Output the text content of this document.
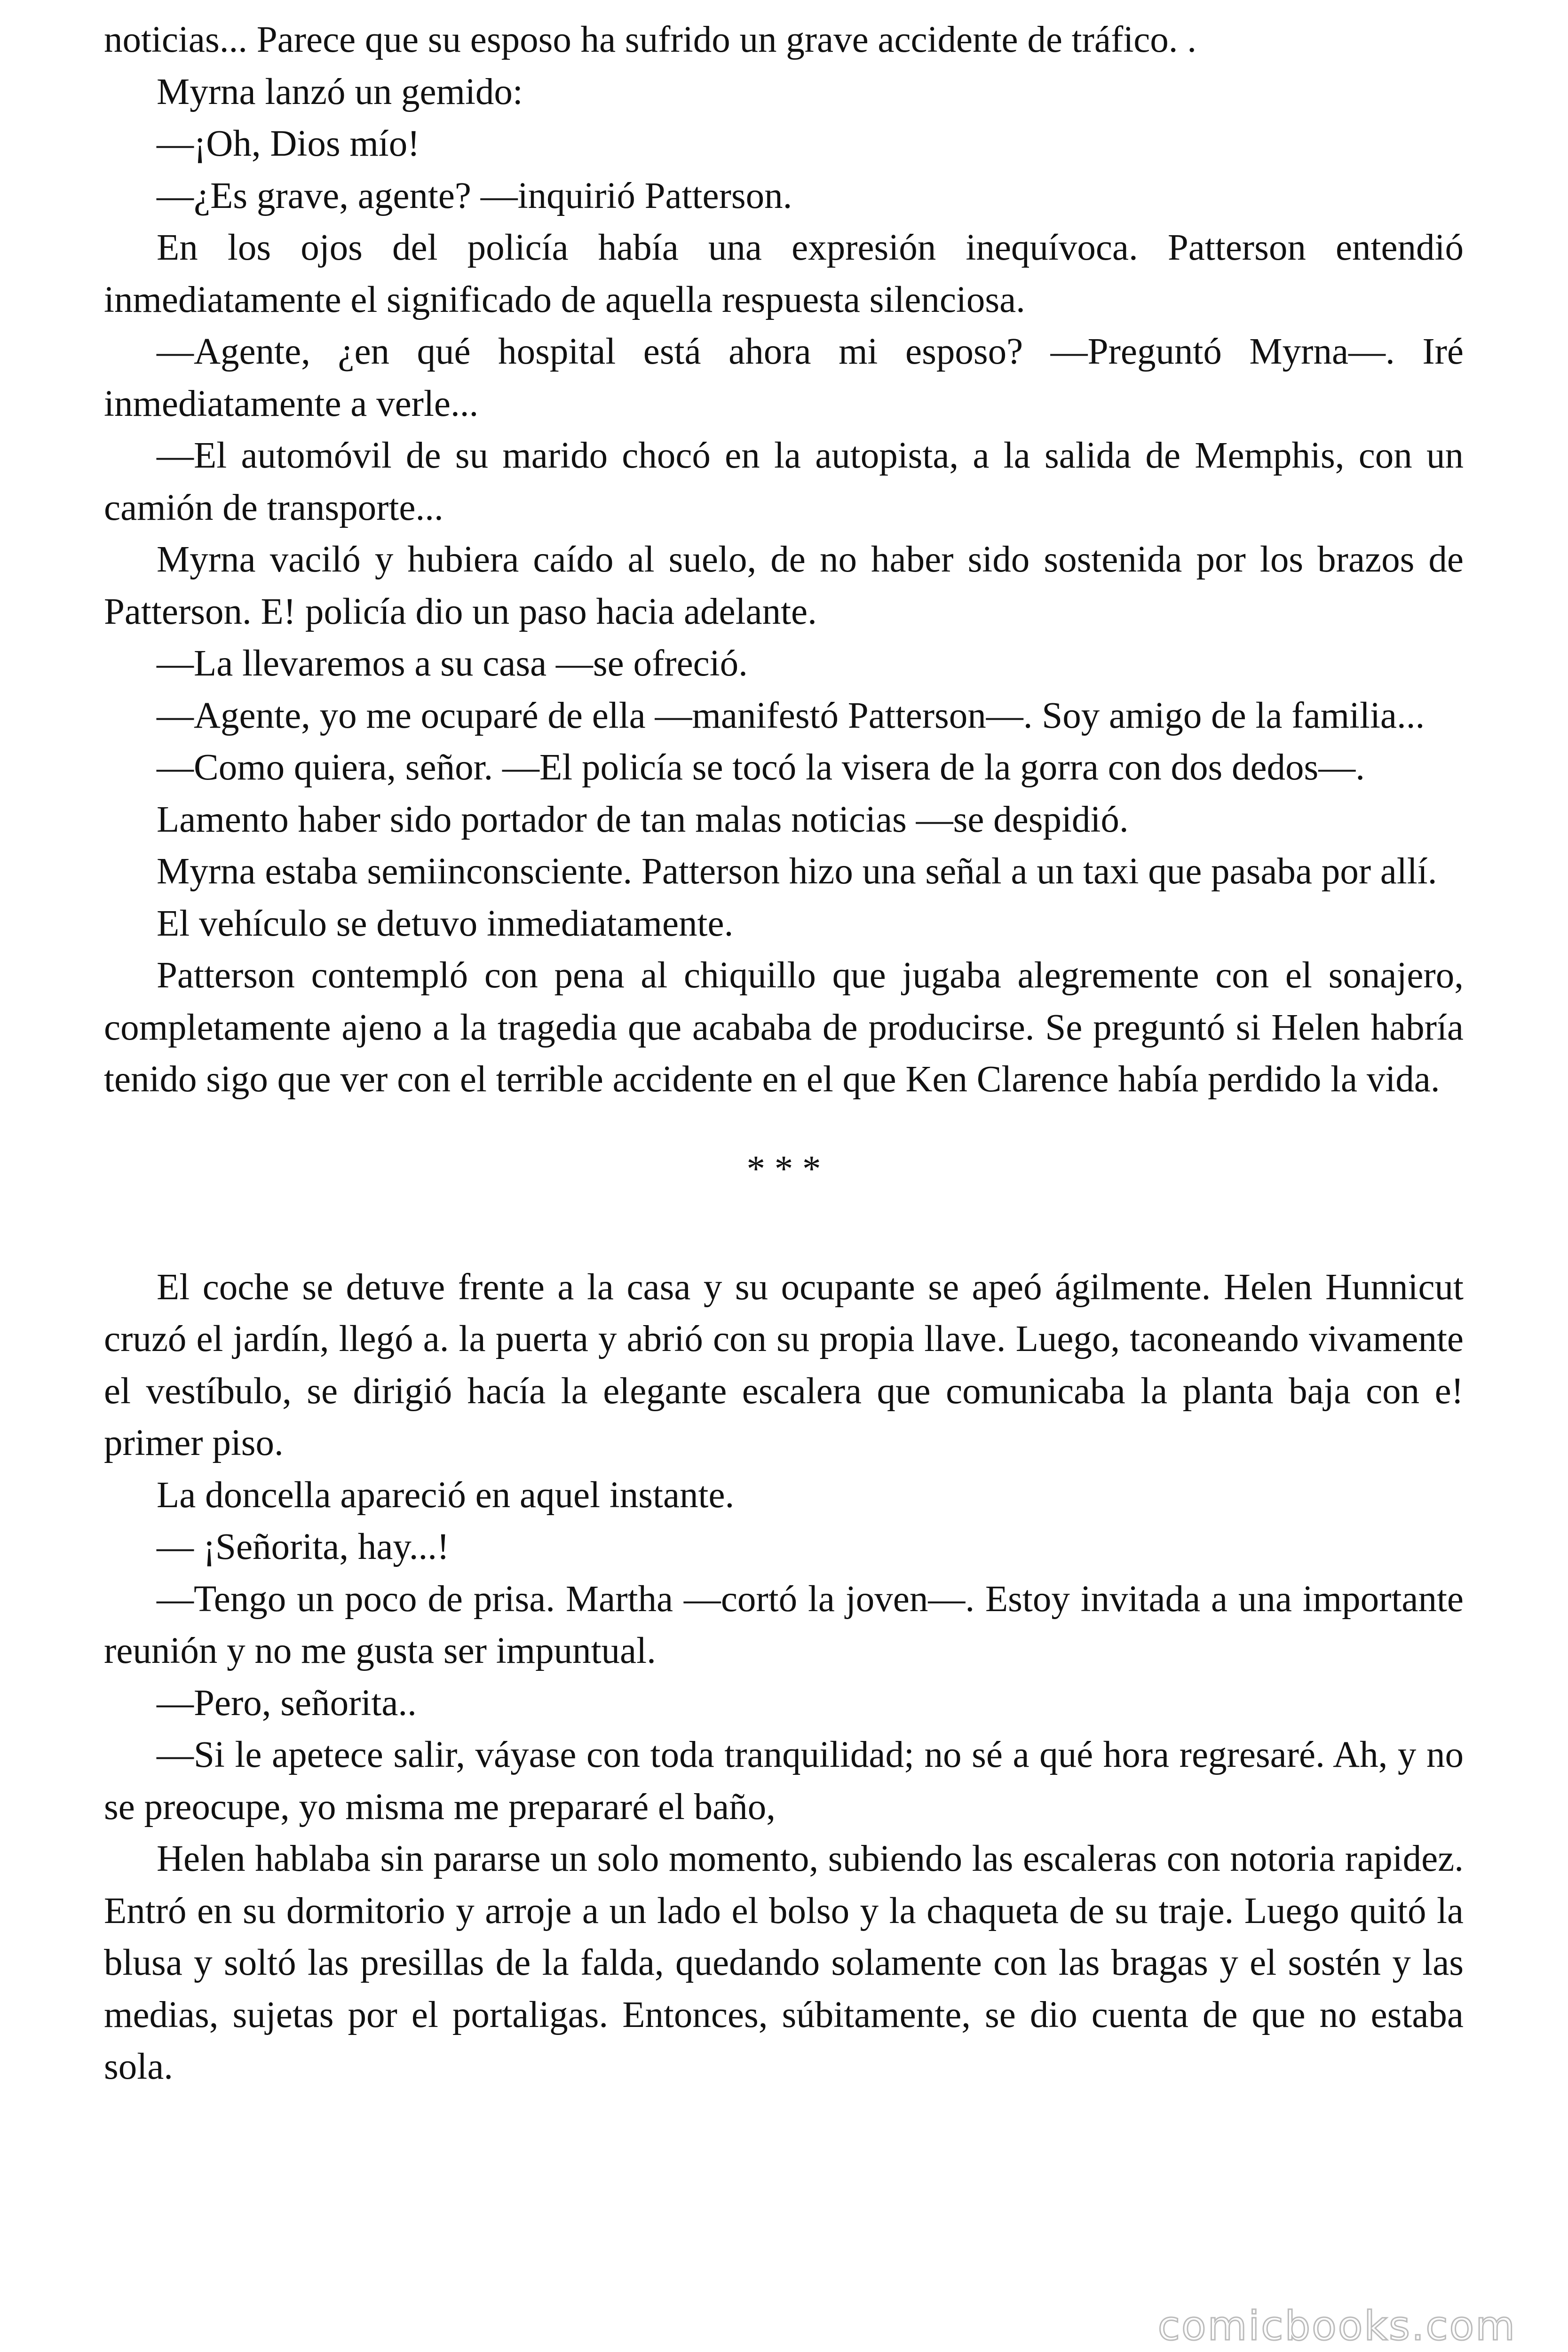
noticias... Parece que su esposo ha sufrido un grave accidente de tráfico. .

Myrna lanzó un gemido:

—¡Oh, Dios mío!

—¿Es grave, agente? —inquirió Patterson.

En los ojos del policía había una expresión inequívoca. Patterson entendió inmediatamente el significado de aquella respuesta silenciosa.

—Agente, ¿en qué hospital está ahora mi esposo? —Preguntó Myrna—. Iré inmediatamente a verle...

—El automóvil de su marido chocó en la autopista, a la salida de Memphis, con un camión de transporte...

Myrna vaciló y hubiera caído al suelo, de no haber sido sostenida por los brazos de Patterson. E! policía dio un paso hacia adelante.

—La llevaremos a su casa —se ofreció.

—Agente, yo me ocuparé de ella —manifestó Patterson—. Soy amigo de la familia...

—Como quiera, señor. —El policía se tocó la visera de la gorra con dos dedos—.

Lamento haber sido portador de tan malas noticias —se despidió.

Myrna estaba semiinconsciente. Patterson hizo una señal a un taxi que pasaba por allí.

El vehículo se detuvo inmediatamente.

Patterson contempló con pena al chiquillo que jugaba alegremente con el sonajero, completamente ajeno a la tragedia que acababa de producirse. Se preguntó si Helen habría tenido sigo que ver con el terrible accidente en el que Ken Clarence había perdido la vida.

* * *

El coche se detuve frente a la casa y su ocupante se apeó ágilmente. Helen Hunnicut cruzó el jardín, llegó a. la puerta y abrió con su propia llave. Luego, taconeando vivamente el vestíbulo, se dirigió hacía la elegante escalera que comunicaba la planta baja con e! primer piso.

La doncella apareció en aquel instante.

— ¡Señorita, hay...!

—Tengo un poco de prisa. Martha —cortó la joven—. Estoy invitada a una importante reunión y no me gusta ser impuntual.

—Pero, señorita..

—Si le apetece salir, váyase con toda tranquilidad; no sé a qué hora regresaré. Ah, y no se preocupe, yo misma me prepararé el baño,

Helen hablaba sin pararse un solo momento, subiendo las escaleras con notoria rapidez. Entró en su dormitorio y arroje a un lado el bolso y la chaqueta de su traje. Luego quitó la blusa y soltó las presillas de la falda, quedando solamente con las bragas y el sostén y las medias, sujetas por el portaligas. Entonces, súbitamente, se dio cuenta de que no estaba sola.

comicbooks.com
